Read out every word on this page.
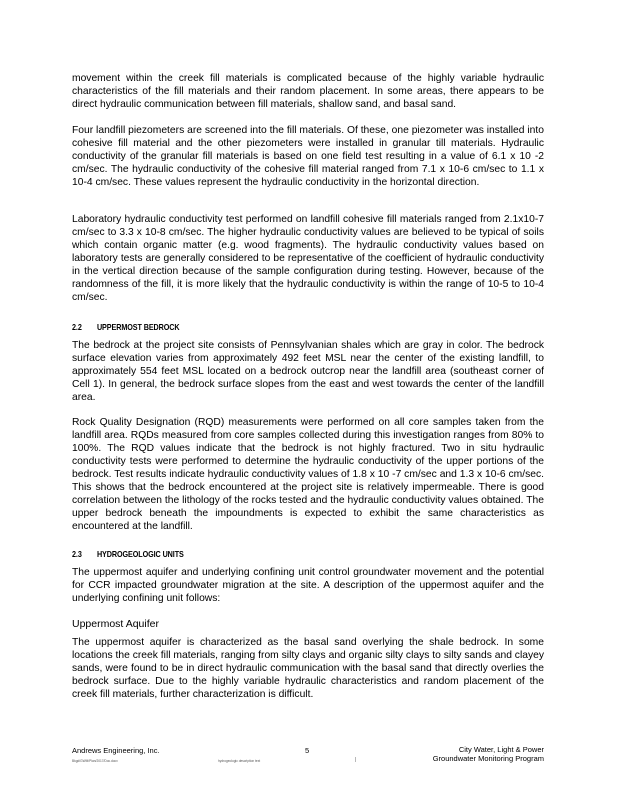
movement within the creek fill materials is complicated because of the highly variable hydraulic characteristics of the fill materials and their random placement. In some areas, there appears to be direct hydraulic communication between fill materials, shallow sand, and basal sand.

Four landfill piezometers are screened into the fill materials. Of these, one piezometer was installed into cohesive fill material and the other piezometers were installed in granular till materials. Hydraulic conductivity of the granular fill materials is based on one field test resulting in a value of 6.1 x 10 -2 cm/sec. The hydraulic conductivity of the cohesive fill material ranged from 7.1 x 10-6 cm/sec to 1.1 x 10-4 cm/sec. These values represent the hydraulic conductivity in the horizontal direction.

Laboratory hydraulic conductivity test performed on landfill cohesive fill materials ranged from 2.1x10-7 cm/sec to 3.3 x 10-8 cm/sec. The higher hydraulic conductivity values are believed to be typical of soils which contain organic matter (e.g. wood fragments). The hydraulic conductivity values based on laboratory tests are generally considered to be representative of the coefficient of hydraulic conductivity in the vertical direction because of the sample configuration during testing. However, because of the randomness of the fill, it is more likely that the hydraulic conductivity is within the range of 10-5 to 10-4 cm/sec.

2.2 UPPERMOST BEDROCK

The bedrock at the project site consists of Pennsylvanian shales which are gray in color. The bedrock surface elevation varies from approximately 492 feet MSL near the center of the existing landfill, to approximately 554 feet MSL located on a bedrock outcrop near the landfill area (southeast corner of Cell 1). In general, the bedrock surface slopes from the east and west towards the center of the landfill area.

Rock Quality Designation (RQD) measurements were performed on all core samples taken from the landfill area. RQDs measured from core samples collected during this investigation ranges from 80% to 100%. The RQD values indicate that the bedrock is not highly fractured. Two in situ hydraulic conductivity tests were performed to determine the hydraulic conductivity of the upper portions of the bedrock. Test results indicate hydraulic conductivity values of 1.8 x 10 -7 cm/sec and 1.3 x 10-6 cm/sec. This shows that the bedrock encountered at the project site is relatively impermeable. There is good correlation between the lithology of the rocks tested and the hydraulic conductivity values obtained. The upper bedrock beneath the impoundments is expected to exhibit the same characteristics as encountered at the landfill.

2.3 HYDROGEOLOGIC UNITS

The uppermost aquifer and underlying confining unit control groundwater movement and the potential for CCR impacted groundwater migration at the site. A description of the uppermost aquifer and the underlying confining unit follows:

Uppermost Aquifer

The uppermost aquifer is characterized as the basal sand overlying the shale bedrock. In some locations the creek fill materials, ranging from silty clays and organic silty clays to silty sands and clayey sands, were found to be in direct hydraulic communication with the basal sand that directly overlies the bedrock surface. Due to the highly variable hydraulic characteristics and random placement of the creek fill materials, further characterization is difficult.

Andrews Engineering, Inc.	5	City Water, Light & Power
Groundwater Monitoring Program
Bkgd/GWM/Plan/2017/Doc.docx	hydrogeologic description text	|
